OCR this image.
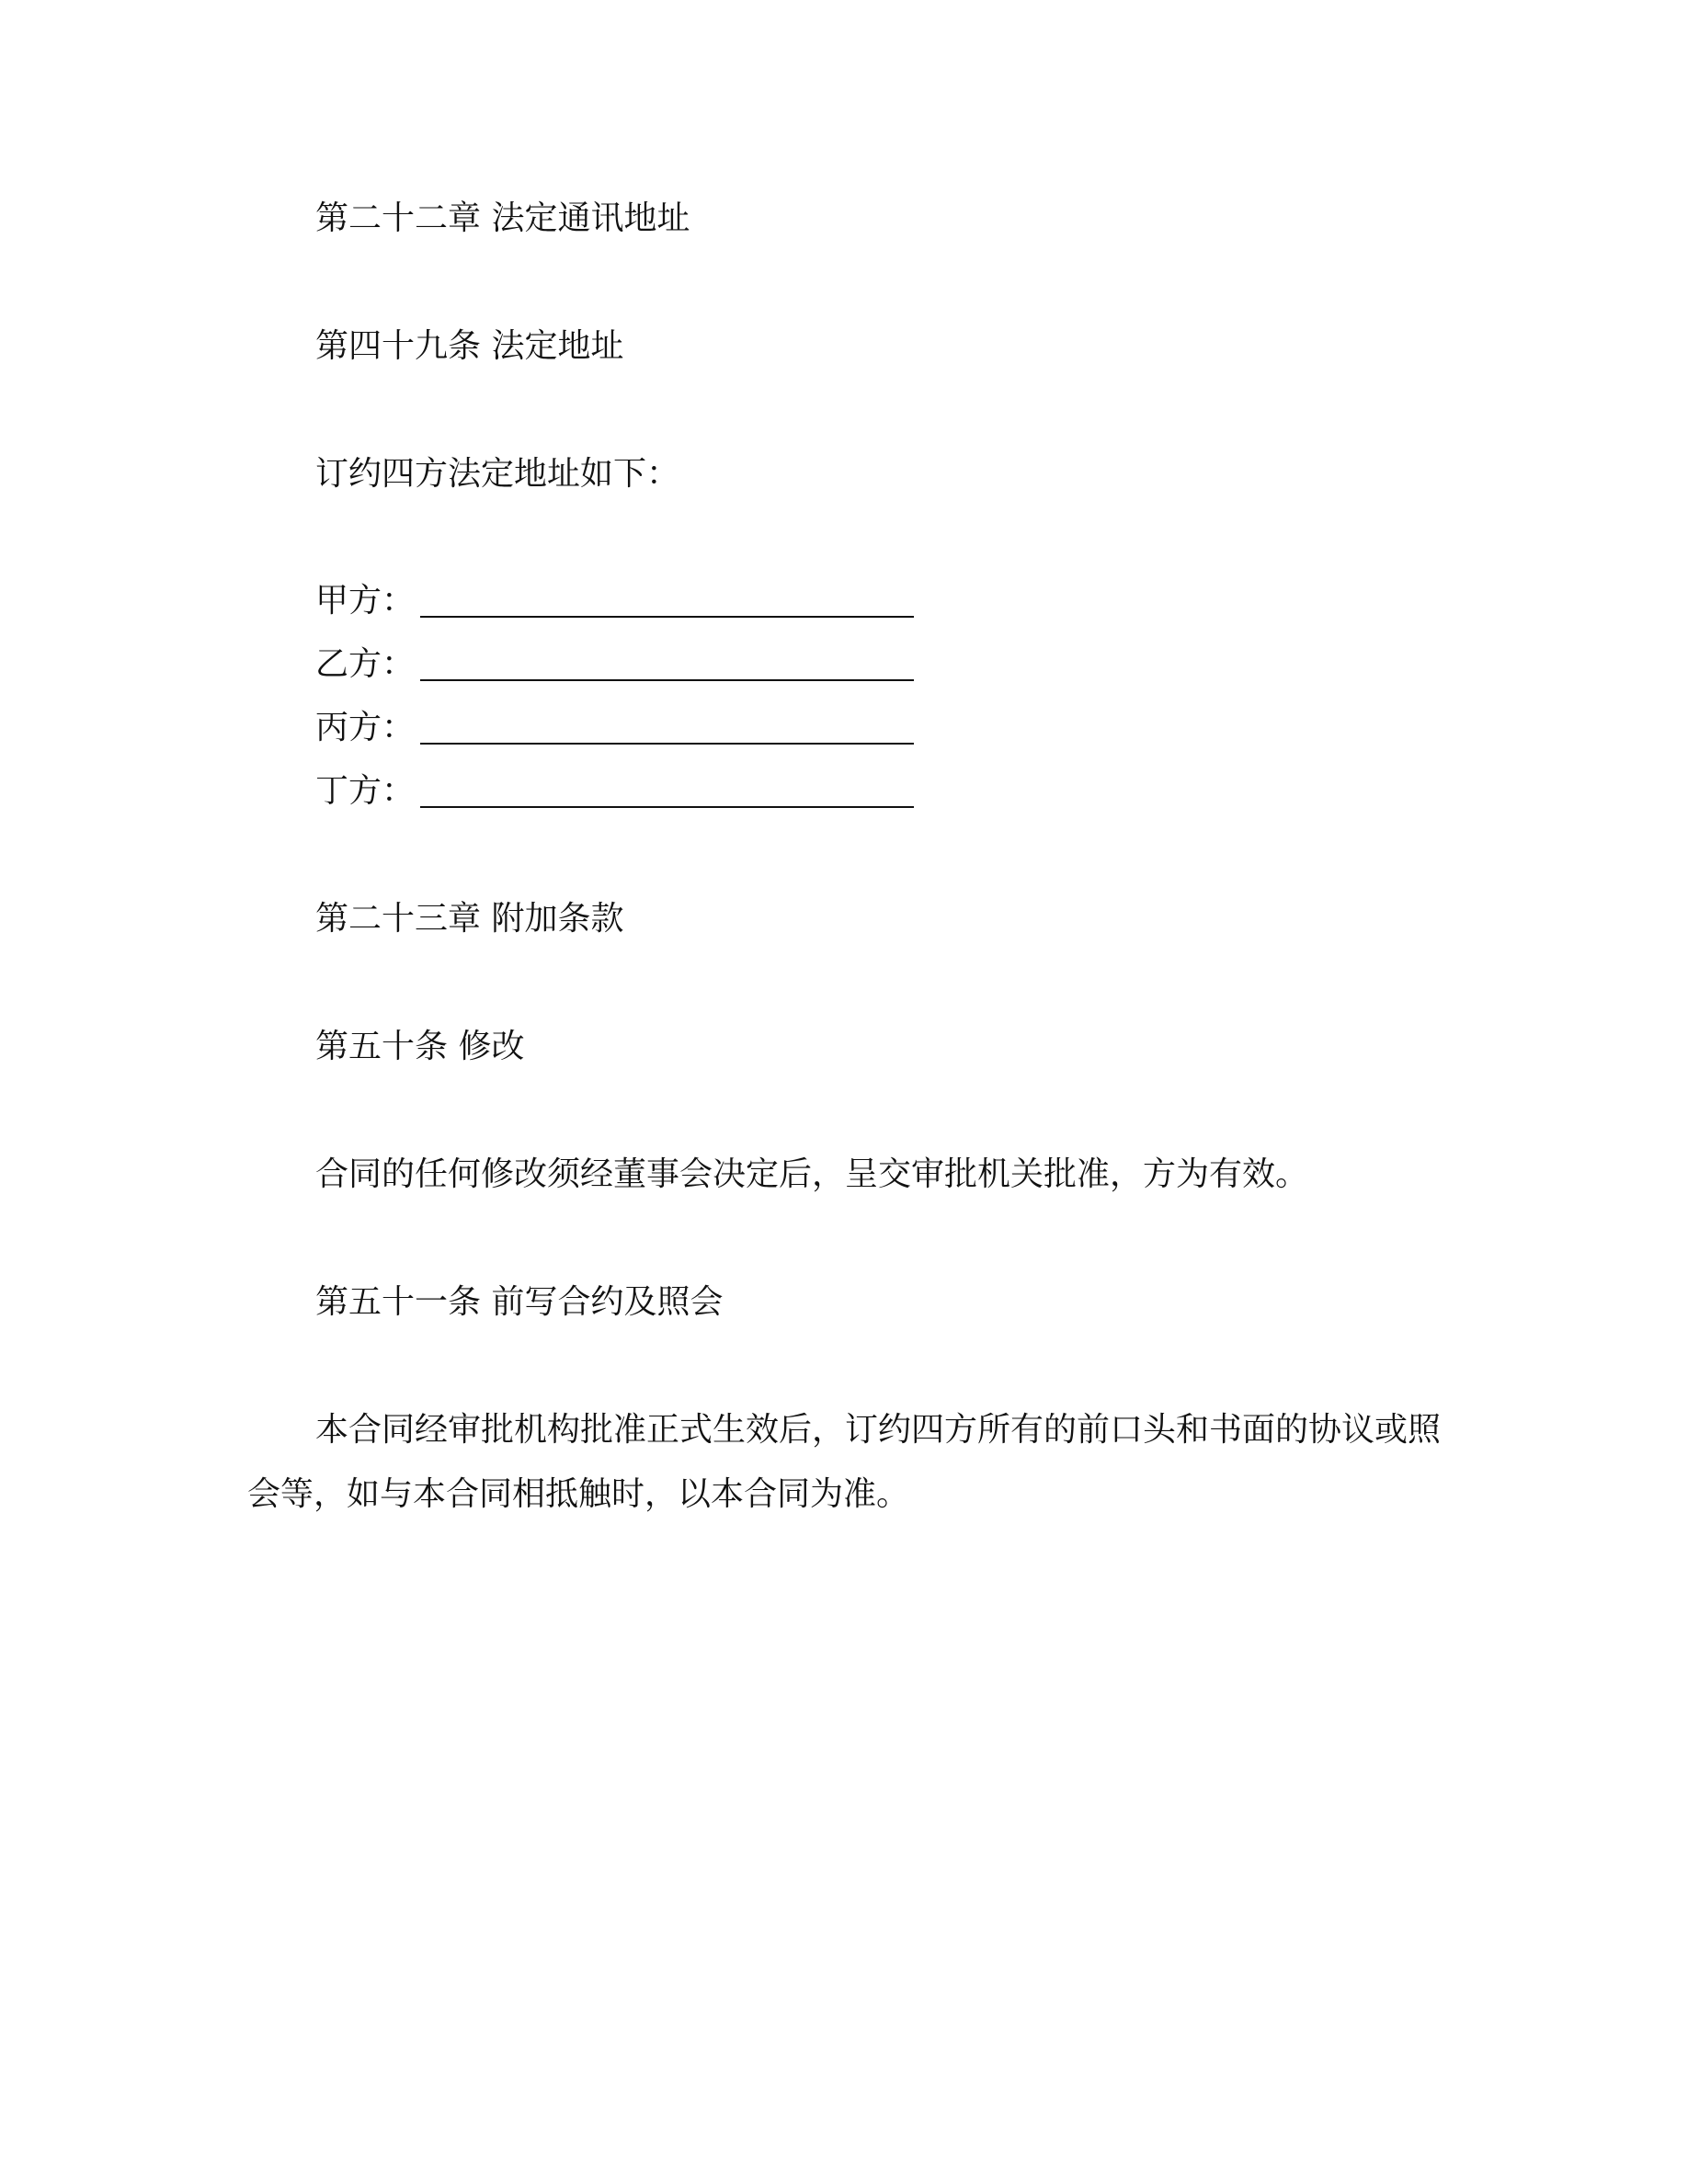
第二十二章 法定通讯地址
第四十九条 法定地址
订约四方法定地址如下：
甲方：
乙方：
丙方：
丁方：
第二十三章 附加条款
第五十条 修改
合同的任何修改须经董事会决定后，呈交审批机关批准，方为有效。
第五十一条 前写合约及照会
本合同经审批机构批准正式生效后，订约四方所有的前口头和书面的协议或照
会等，如与本合同相抵触时，以本合同为准。
